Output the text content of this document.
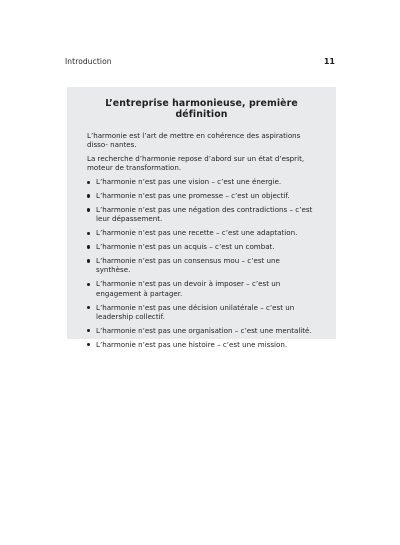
Introduction	11
L’entreprise harmonieuse, première définition

L’harmonie est l’art de mettre en cohérence des aspirations disso- nantes.

La recherche d’harmonie repose d’abord sur un état d’esprit, moteur de transformation.

L’harmonie n’est pas une vision – c’est une énergie.
L’harmonie n’est pas une promesse – c’est un objectif.
L’harmonie n’est pas une négation des contradictions – c’est leur dépassement.
L’harmonie n’est pas une recette – c’est une adaptation.
L’harmonie n’est pas un acquis – c’est un combat.
L’harmonie n’est pas un consensus mou – c’est une synthèse.
L’harmonie n’est pas un devoir à imposer – c’est un engagement à partager.
L’harmonie n’est pas une décision unilatérale – c’est un leadership collectif.
L’harmonie n’est pas une organisation – c’est une mentalité.
L’harmonie n’est pas une histoire – c’est une mission.
